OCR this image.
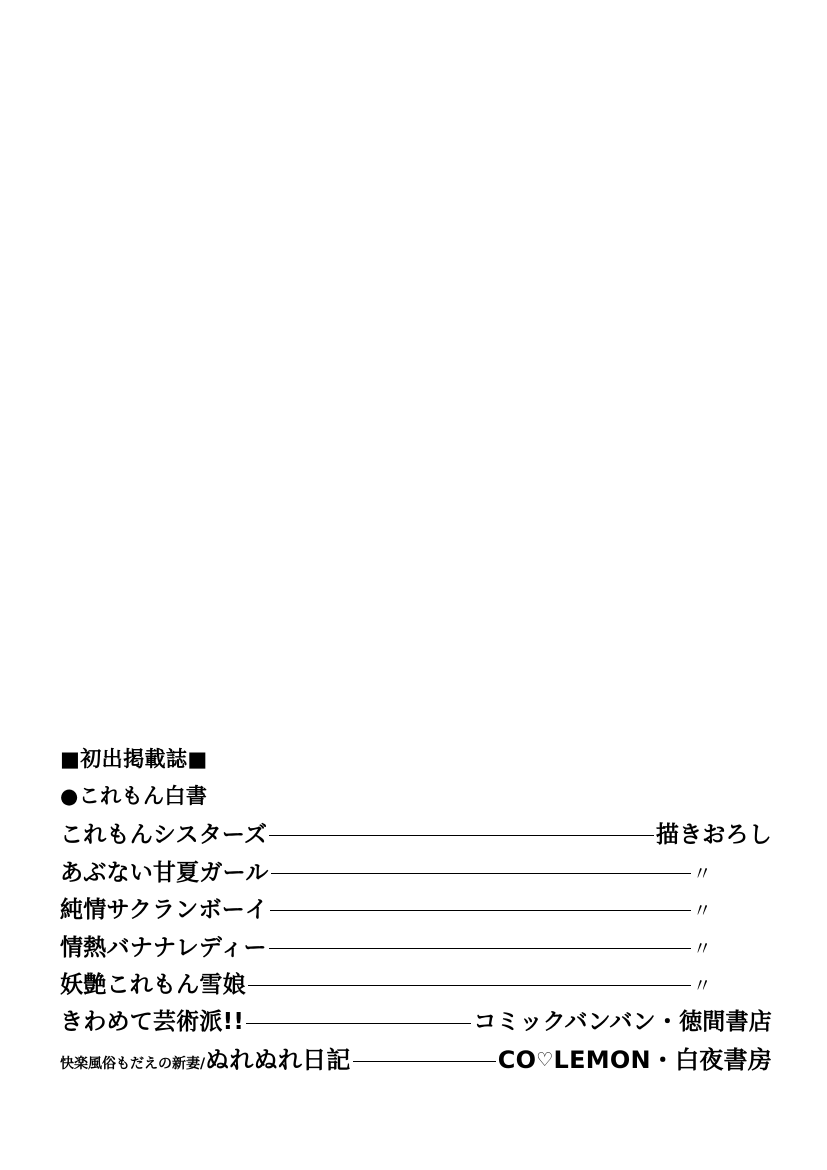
■初出掲載誌■
●これもん白書
これもんシスターズ	描きおろし
あぶない甘夏ガール	〃
純情サクランボーイ	〃
情熱バナナレディー	〃
妖艶これもん雪娘	〃
きわめて芸術派!!	コミックバンバン・徳間書店
快楽風俗もだえの新妻/ぬれぬれ日記	CO♡LEMON・白夜書房
